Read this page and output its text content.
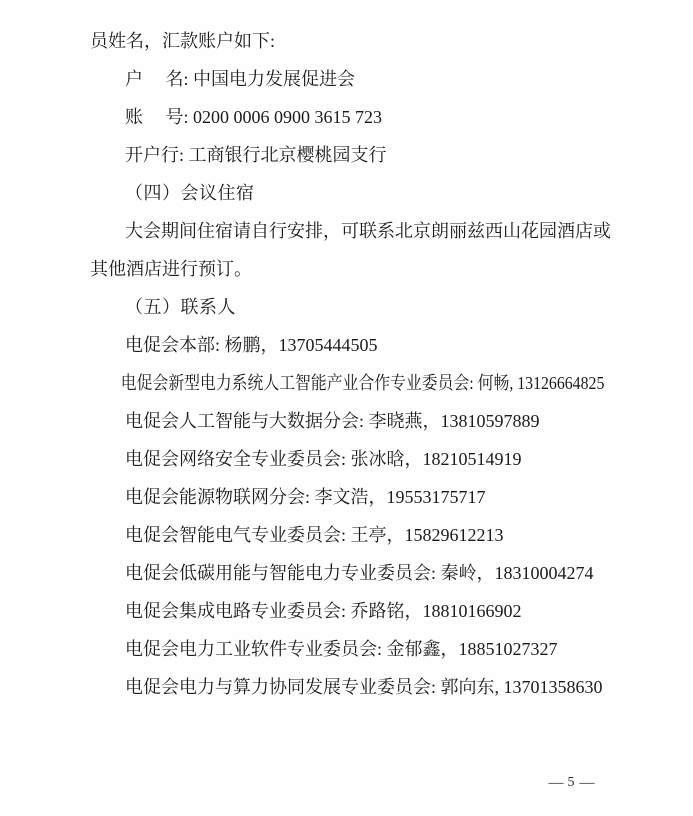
员姓名，汇款账户如下:

户　 名: 中国电力发展促进会

账　 号: 0200 0006 0900 3615 723

开户行: 工商银行北京樱桃园支行

（四）会议住宿

大会期间住宿请自行安排，可联系北京朗丽兹西山花园酒店或

其他酒店进行预订。

（五）联系人

电促会本部: 杨鹏，13705444505

电促会新型电力系统人工智能产业合作专业委员会: 何畅, 13126664825

电促会人工智能与大数据分会: 李晓燕，13810597889

电促会网络安全专业委员会: 张冰晗，18210514919

电促会能源物联网分会: 李文浩，19553175717

电促会智能电气专业委员会: 王亭，15829612213

电促会低碳用能与智能电力专业委员会: 秦岭，18310004274

电促会集成电路专业委员会: 乔路铭，18810166902

电促会电力工业软件专业委员会: 金郁鑫，18851027327

电促会电力与算力协同发展专业委员会: 郭向东, 13701358630

— 5 —
